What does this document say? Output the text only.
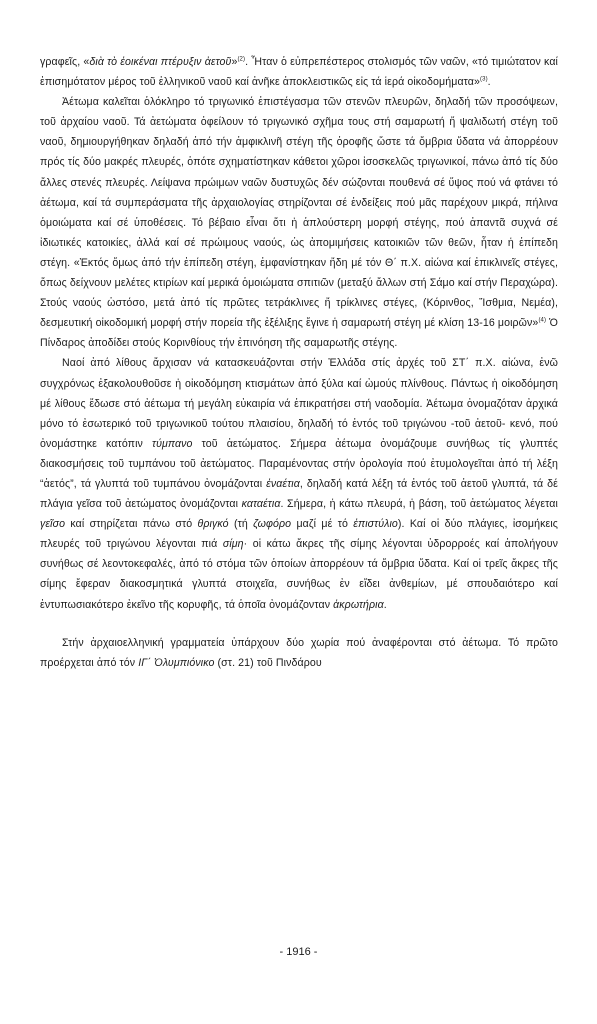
γραφεῖς, «διὰ τὸ ἐοικέναι πτέρυξιν ἀετοῦ»$^{(2)}$. Ἦταν ὁ εὐπρεπέστερος στολισμός τῶν ναῶν, «τό τιμιώτατον καί ἐπισημότατον μέρος τοῦ ἑλληνικοῦ ναοῦ καί ἀνῆκε ἀποκλειστικῶς εἰς τά ἱερά οἰκοδομήματα»$^{(3)}$.

Ἀέτωμα καλεῖται ὁλόκληρο τό τριγωνικό ἐπιστέγασμα τῶν στενῶν πλευρῶν, δηλαδή τῶν προσόψεων, τοῦ ἀρχαίου ναοῦ. Τά ἀετώματα ὀφείλουν τό τριγωνικό σχῆμα τους στή σαμαρωτή ἤ ψαλιδωτή στέγη τοῦ ναοῦ, δημιουργήθηκαν δηλαδή ἀπό τήν ἀμφικλινῆ στέγη τῆς ὀροφῆς ὥστε τά ὄμβρια ὕδατα νά ἀπορρέουν πρός τίς δύο μακρές πλευρές, ὁπότε σχηματίστηκαν κάθετοι χῶροι ἰσοσκελῶς τριγωνικοί, πάνω ἀπό τίς δύο ἄλλες στενές πλευρές. Λείψανα πρώιμων ναῶν δυστυχῶς δέν σώζονται πουθενά σέ ὕψος πού νά φτάνει τό ἀέτωμα, καί τά συμπεράσματα τῆς ἀρχαιολογίας στηρίζονται σέ ἐνδείξεις πού μᾶς παρέχουν μικρά, πήλινα ὁμοιώματα καί σέ ὑποθέσεις. Τό βέβαιο εἶναι ὅτι ἡ ἁπλούστερη μορφή στέγης, πού ἀπαντᾶ συχνά σέ ἰδιωτικές κατοικίες, ἀλλά καί σέ πρώιμους ναούς, ὡς ἀπομιμήσεις κατοικιῶν τῶν θεῶν, ἦταν ἡ ἐπίπεδη στέγη. «Ἐκτός ὅμως ἀπό τήν ἐπίπεδη στέγη, ἐμφανίστηκαν ἤδη μέ τόν Θ΄ π.Χ. αἰώνα καί ἐπικλινεῖς στέγες, ὅπως δείχνουν μελέτες κτιρίων καί μερικά ὁμοιώματα σπιτιῶν (μεταξύ ἄλλων στή Σάμο καί στήν Περαχώρα). Στούς ναούς ὡστόσο, μετά ἀπό τίς πρῶτες τετράκλινες ἤ τρίκλινες στέγες, (Κόρινθος, Ἴσθμια, Νεμέα), δεσμευτική οἰκοδομική μορφή στήν πορεία τῆς ἐξέλιξης ἔγινε ἡ σαμαρωτή στέγη μέ κλίση 13-16 μοιρῶν»$^{(4)}$ Ὁ Πίνδαρος ἀποδίδει στούς Κορινθίους τήν ἐπινόηση τῆς σαμαρωτῆς στέγης.

Ναοί ἀπό λίθους ἄρχισαν νά κατασκευάζονται στήν Ἑλλάδα στίς ἀρχές τοῦ ΣΤ΄ π.Χ. αἰώνα, ἐνῶ συγχρόνως ἐξακολουθοῦσε ἡ οἰκοδόμηση κτισμάτων ἀπό ξύλα καί ὠμούς πλίνθους. Πάντως ἡ οἰκοδόμηση μέ λίθους ἔδωσε στό ἀέτωμα τή μεγάλη εὐκαιρία νά ἐπικρατήσει στή ναοδομία. Ἀέτωμα ὀνομαζόταν ἀρχικά μόνο τό ἐσωτερικό τοῦ τριγωνικοῦ τούτου πλαισίου, δηλαδή τό ἐντός τοῦ τριγώνου -τοῦ ἀετοῦ- κενό, πού ὀνομάστηκε κατόπιν τύμπανο τοῦ ἀετώματος. Σήμερα ἀέτωμα ὀνομάζουμε συνήθως τίς γλυπτές διακοσμήσεις τοῦ τυμπάνου τοῦ ἀετώματος. Παραμένοντας στήν ὁρολογία πού ἐτυμολογεῖται ἀπό τή λέξη “ἀετός”, τά γλυπτά τοῦ τυμπάνου ὀνομάζονται ἐναέτια, δηλαδή κατά λέξη τά ἐντός τοῦ ἀετοῦ γλυπτά, τά δέ πλάγια γεῖσα τοῦ ἀετώματος ὀνομάζονται καταέτια. Σήμερα, ἡ κάτω πλευρά, ἡ βάση, τοῦ ἀετώματος λέγεται γεῖσο καί στηρίζεται πάνω στό θριγκό (τή ζωφόρο μαζί μέ τό ἐπιστύλιο). Καί οἱ δύο πλάγιες, ἰσομήκεις πλευρές τοῦ τριγώνου λέγονται πιά σίμη· οἱ κάτω ἄκρες τῆς σίμης λέγονται ὑδρορροές καί ἀπολήγουν συνήθως σέ λεοντοκεφαλές, ἀπό τό στόμα τῶν ὁποίων ἀπορρέουν τά ὄμβρια ὕδατα. Καί οἱ τρεῖς ἄκρες τῆς σίμης ἔφεραν διακοσμητικά γλυπτά στοιχεῖα, συνήθως ἐν εἴδει ἀνθεμίων, μέ σπουδαιότερο καί ἐντυπωσιακότερο ἐκεῖνο τῆς κορυφῆς, τά ὁποῖα ὀνομάζονταν ἀκρωτήρια.

Στήν ἀρχαιοελληνική γραμματεία ὑπάρχουν δύο χωρία πού ἀναφέρονται στό ἀέτωμα. Τό πρῶτο προέρχεται ἀπό τόν ΙΓ΄ Ὀλυμπιόνικο (στ. 21) τοῦ Πινδάρου

- 1916 -
